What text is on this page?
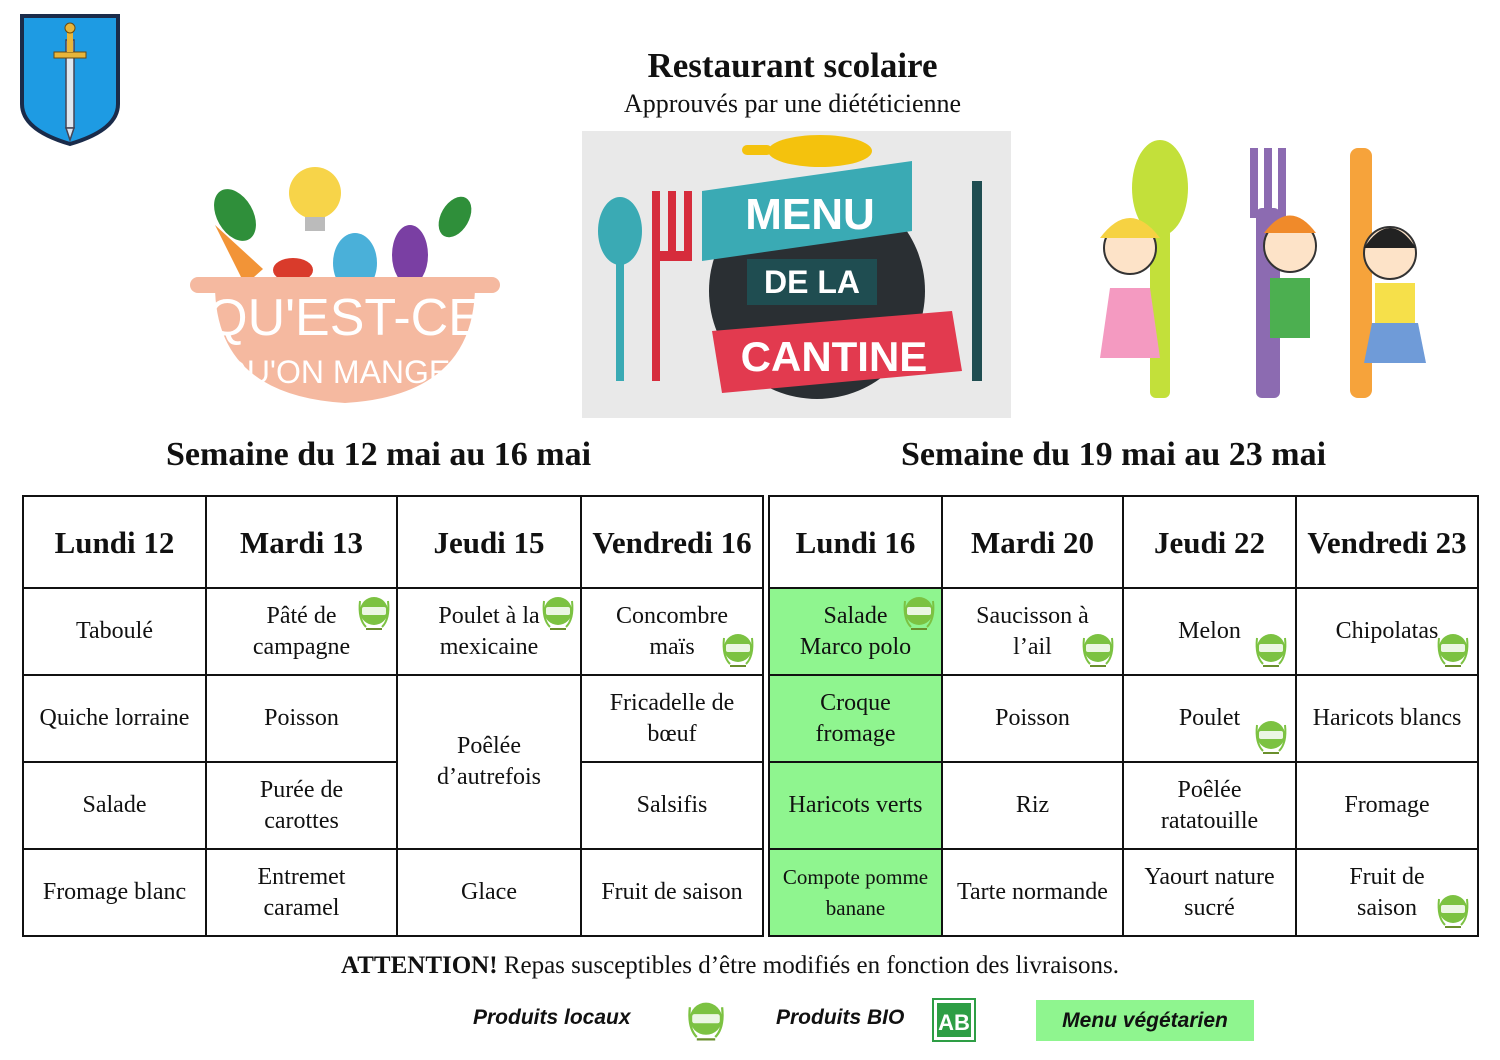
Restaurant scolaire
Approuvés par une diététicienne
QU'EST-CE
QU'ON MANGE?
MENU
DE LA
CANTINE
Semaine du 12 mai au 16 mai	Semaine du 19 mai au 23 mai
Lundi 12	Mardi 13	Jeudi 15	Vendredi 16
Taboulé	Pâté de campagne	Poulet à la mexicaine	Concombre maïs

Quiche lorraine	Poisson	Poêlée d’autrefois	Fricadelle de bœuf

Salade	Purée de carottes		Salsifis
Fromage blanc	Entremet caramel	Glace	Fruit de saison
Lundi 16	Mardi 20	Jeudi 22	Vendredi 23

Salade Marco polo	Saucisson à l’ail	Melon	Chipolatas

Croque fromage	Poisson	Poulet	Haricots blancs
Haricots verts	Riz	Poêlée ratatouille	Fromage

Compote pomme banane	Tarte normande	Yaourt nature sucré	Fruit de saison
ATTENTION! Repas susceptibles d’être modifiés en fonction des livraisons.
Produits locaux	Produits BIO AB	Menu végétarien
